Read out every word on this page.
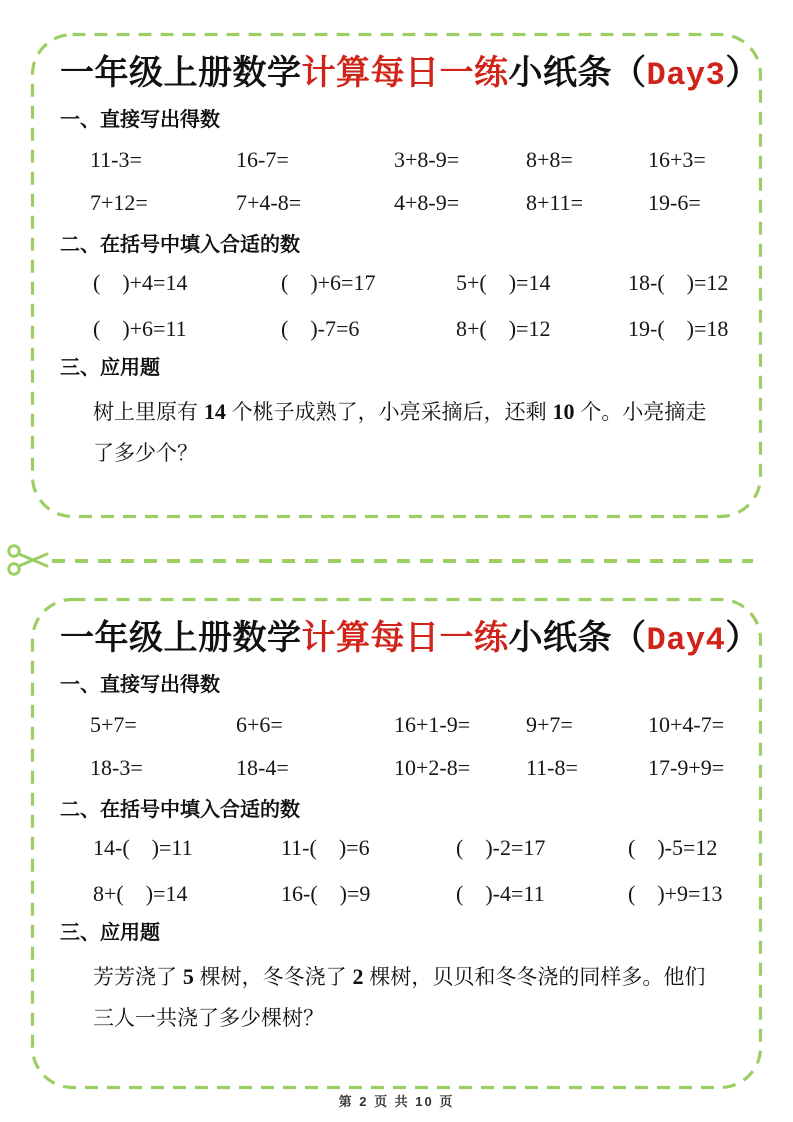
一年级上册数学计算每日一练小纸条（Day3）
一、直接写出得数
11-3=	16-7=	3+8-9=	8+8=	16+3=
7+12=	7+4-8=	4+8-9=	8+11=	19-6=
二、在括号中填入合适的数
(    )+4=14	(    )+6=17	5+(    )=14	18-(    )=12
(    )+6=11	(    )-7=6	8+(    )=12	19-(    )=18
三、应用题
树上里原有 14 个桃子成熟了，小亮采摘后，还剩 10 个。小亮摘走了多少个？
一年级上册数学计算每日一练小纸条（Day4）
一、直接写出得数
5+7=	6+6=	16+1-9=	9+7=	10+4-7=
18-3=	18-4=	10+2-8=	11-8=	17-9+9=
二、在括号中填入合适的数
14-(    )=11	11-(    )=6	(    )-2=17	(    )-5=12
8+(    )=14	16-(    )=9	(    )-4=11	(    )+9=13
三、应用题
芳芳浇了 5 棵树，冬冬浇了 2 棵树，贝贝和冬冬浇的同样多。他们三人一共浇了多少棵树？
第 2 页 共 10 页
